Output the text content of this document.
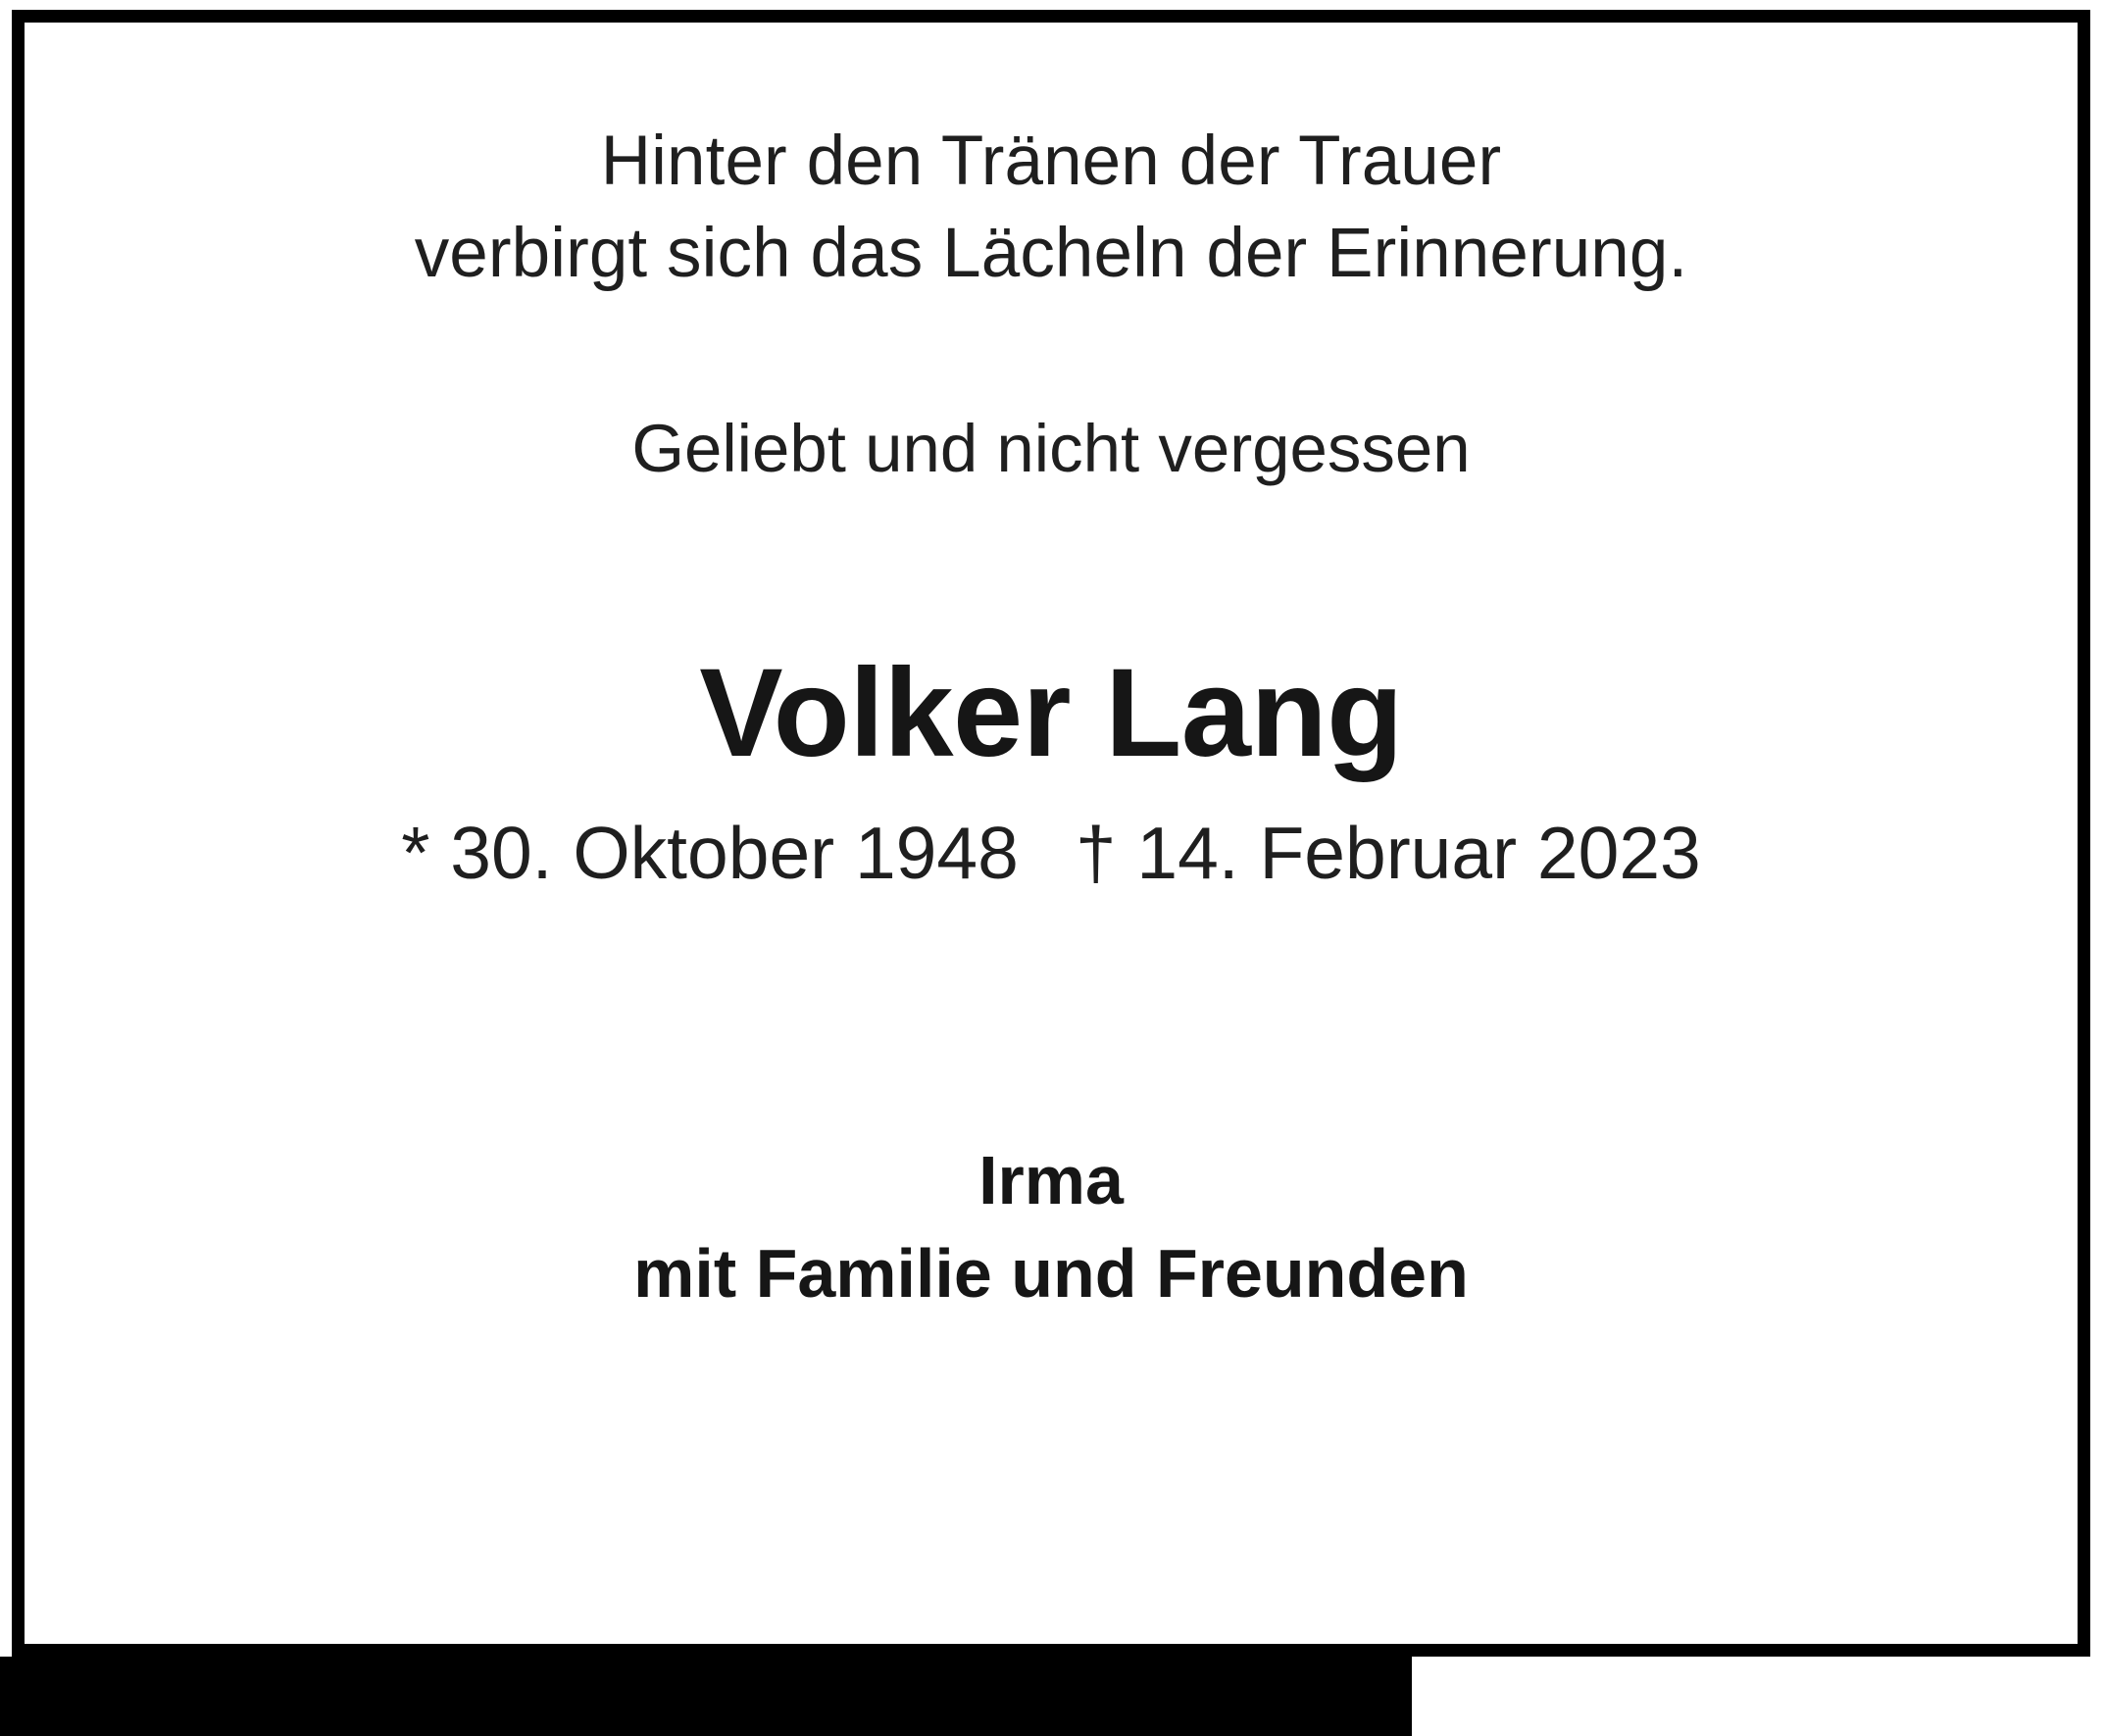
Hinter den Tränen der Trauer
verbirgt sich das Lächeln der Erinnerung.
Geliebt und nicht vergessen
Volker Lang
* 30. Oktober 1948 † 14. Februar 2023
Irma
mit Familie und Freunden
